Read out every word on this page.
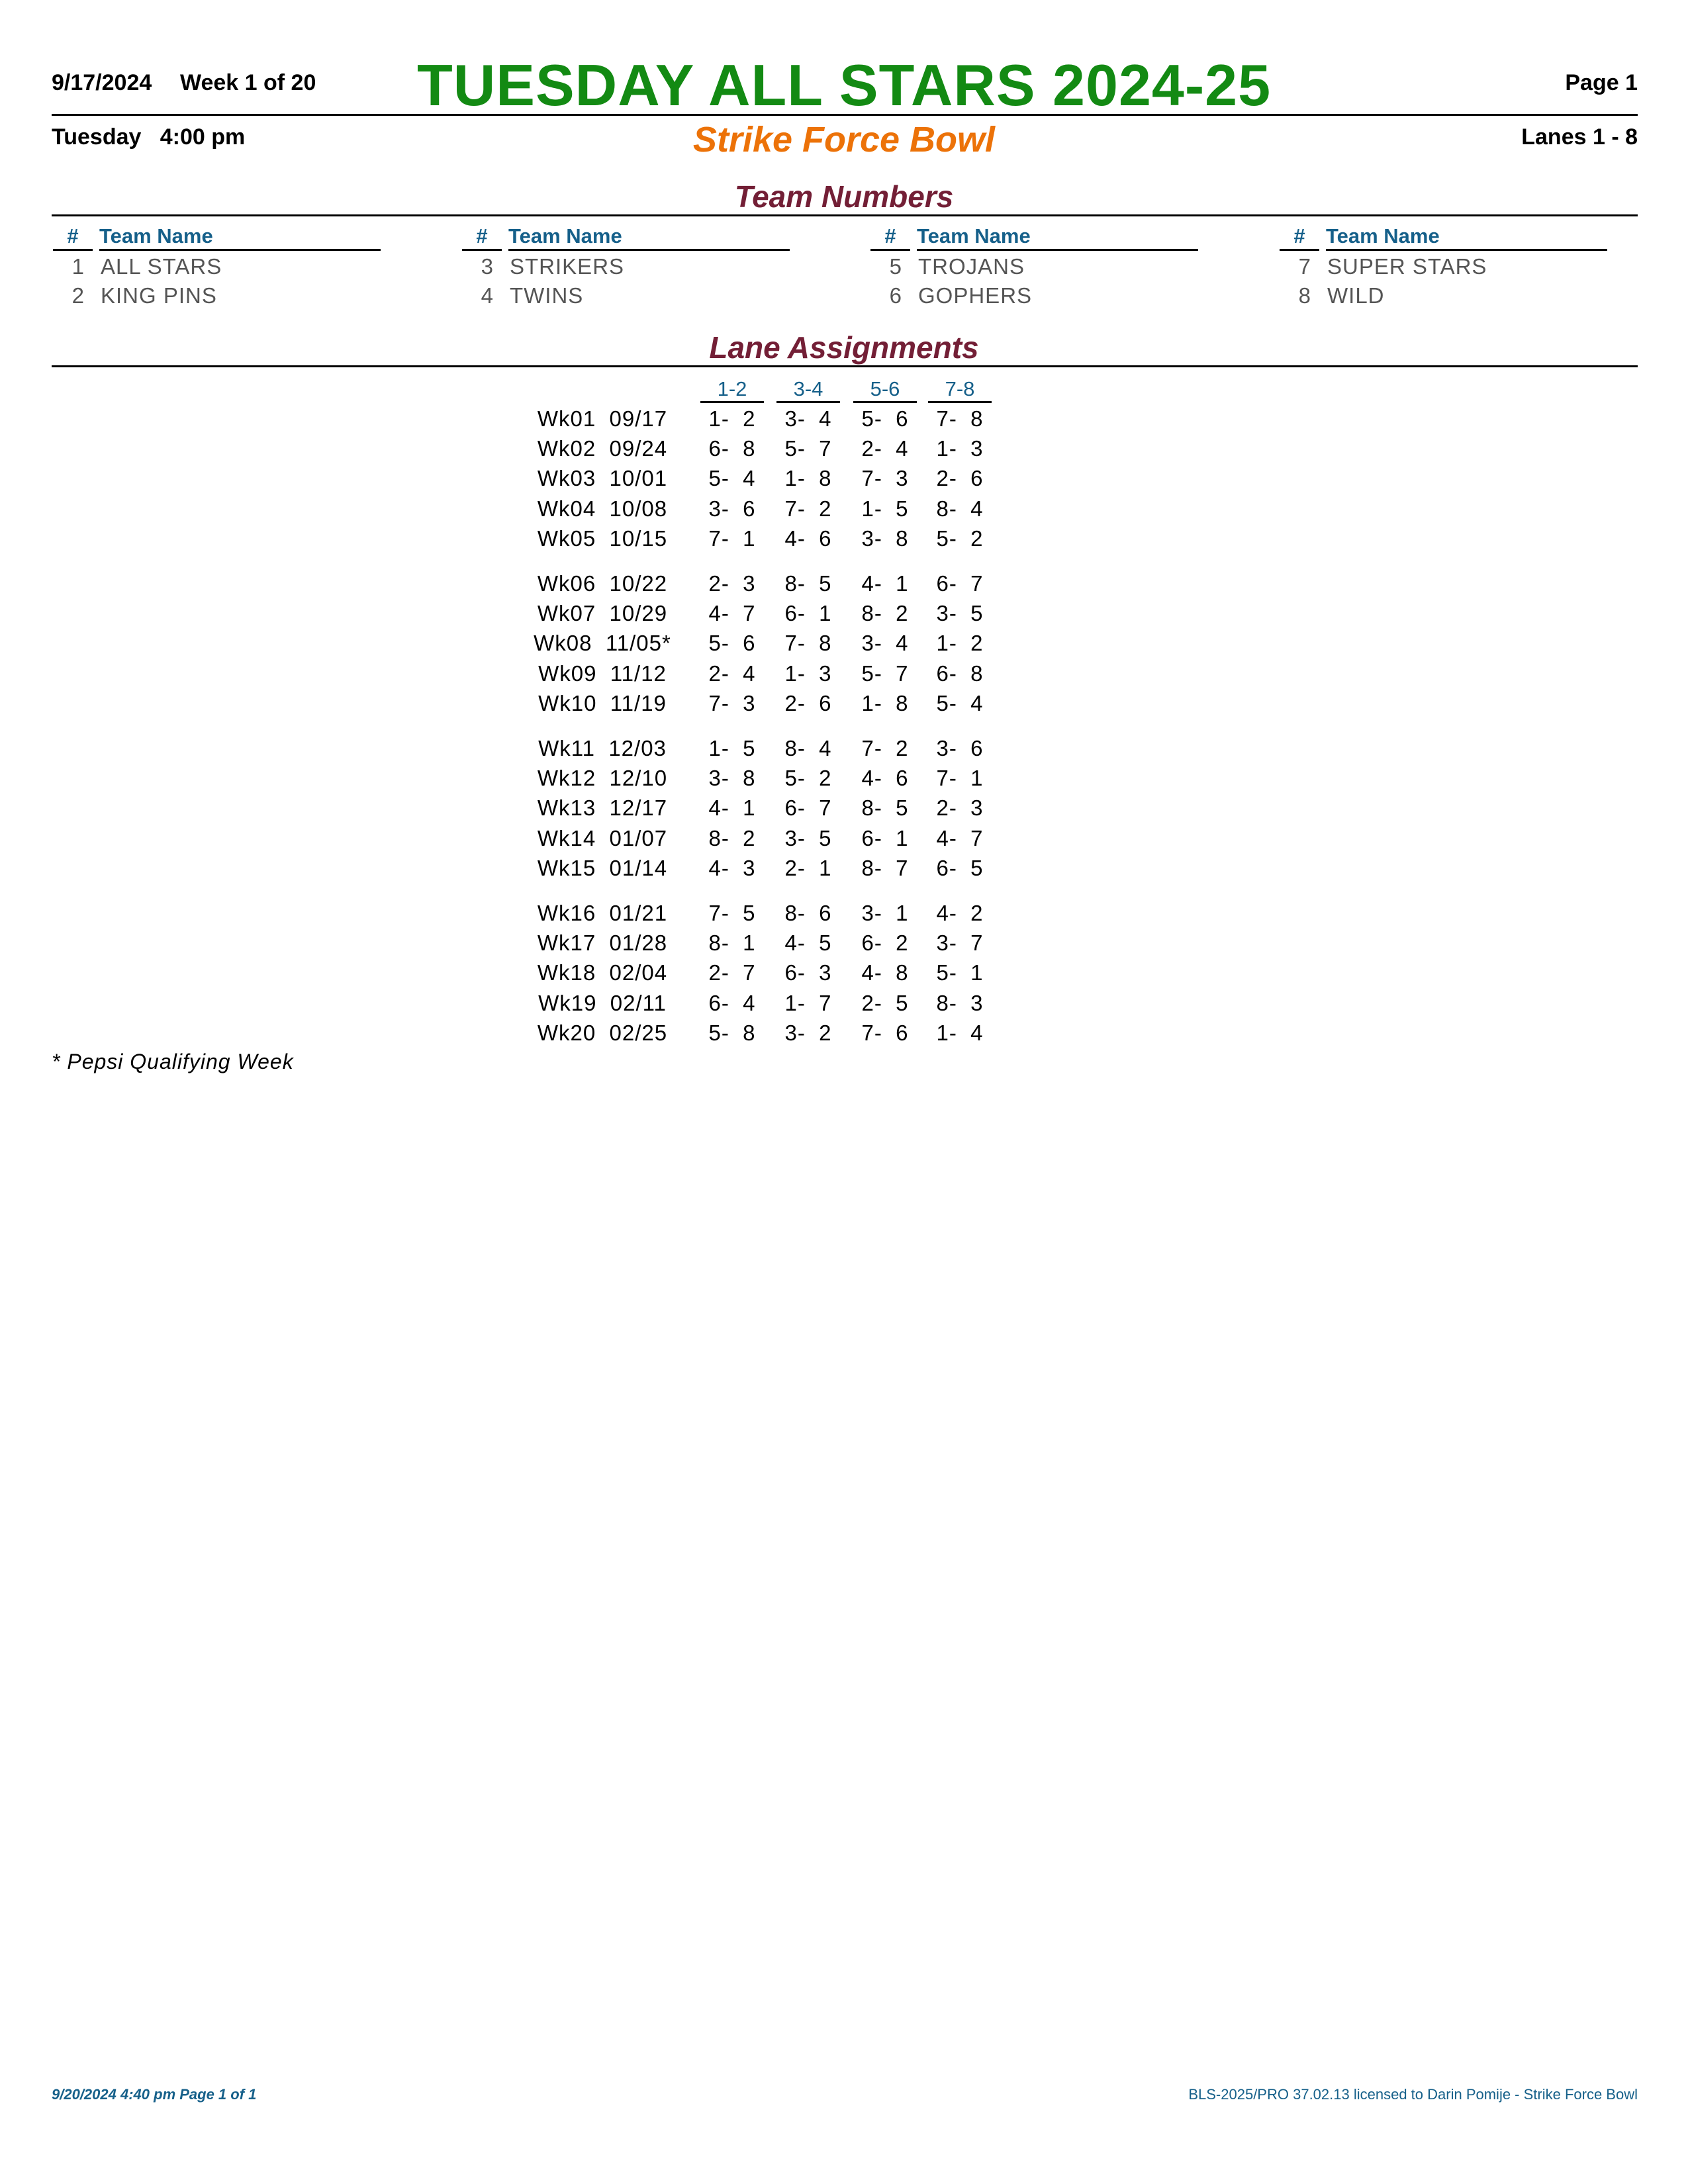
9/17/2024 Week 1 of 20	TUESDAY ALL STARS 2024-25	Page 1
Tuesday   4:00 pm	Strike Force Bowl	Lanes 1 - 8
Team Numbers
#	Team Name
1 ALL STARS
2 KING PINS
#	Team Name
3 STRIKERS
4 TWINS
#	Team Name
5 TROJANS
6 GOPHERS
#	Team Name
7 SUPER STARS
8 WILD
Lane Assignments
1-2	3-4	5-6	7-8
Wk01  09/17	1-  2	3-  4	5-  6	7-  8
Wk02  09/24	6-  8	5-  7	2-  4	1-  3
Wk03  10/01	5-  4	1-  8	7-  3	2-  6
Wk04  10/08	3-  6	7-  2	1-  5	8-  4
Wk05  10/15	7-  1	4-  6	3-  8	5-  2
Wk06  10/22	2-  3	8-  5	4-  1	6-  7
Wk07  10/29	4-  7	6-  1	8-  2	3-  5
Wk08  11/05*	5-  6	7-  8	3-  4	1-  2
Wk09  11/12	2-  4	1-  3	5-  7	6-  8
Wk10  11/19	7-  3	2-  6	1-  8	5-  4
Wk11  12/03	1-  5	8-  4	7-  2	3-  6
Wk12  12/10	3-  8	5-  2	4-  6	7-  1
Wk13  12/17	4-  1	6-  7	8-  5	2-  3
Wk14  01/07	8-  2	3-  5	6-  1	4-  7
Wk15  01/14	4-  3	2-  1	8-  7	6-  5
Wk16  01/21	7-  5	8-  6	3-  1	4-  2
Wk17  01/28	8-  1	4-  5	6-  2	3-  7
Wk18  02/04	2-  7	6-  3	4-  8	5-  1
Wk19  02/11	6-  4	1-  7	2-  5	8-  3
Wk20  02/25	5-  8	3-  2	7-  6	1-  4
* Pepsi Qualifying Week
9/20/2024 4:40 pm Page 1 of 1	BLS-2025/PRO 37.02.13 licensed to Darin Pomije - Strike Force Bowl
